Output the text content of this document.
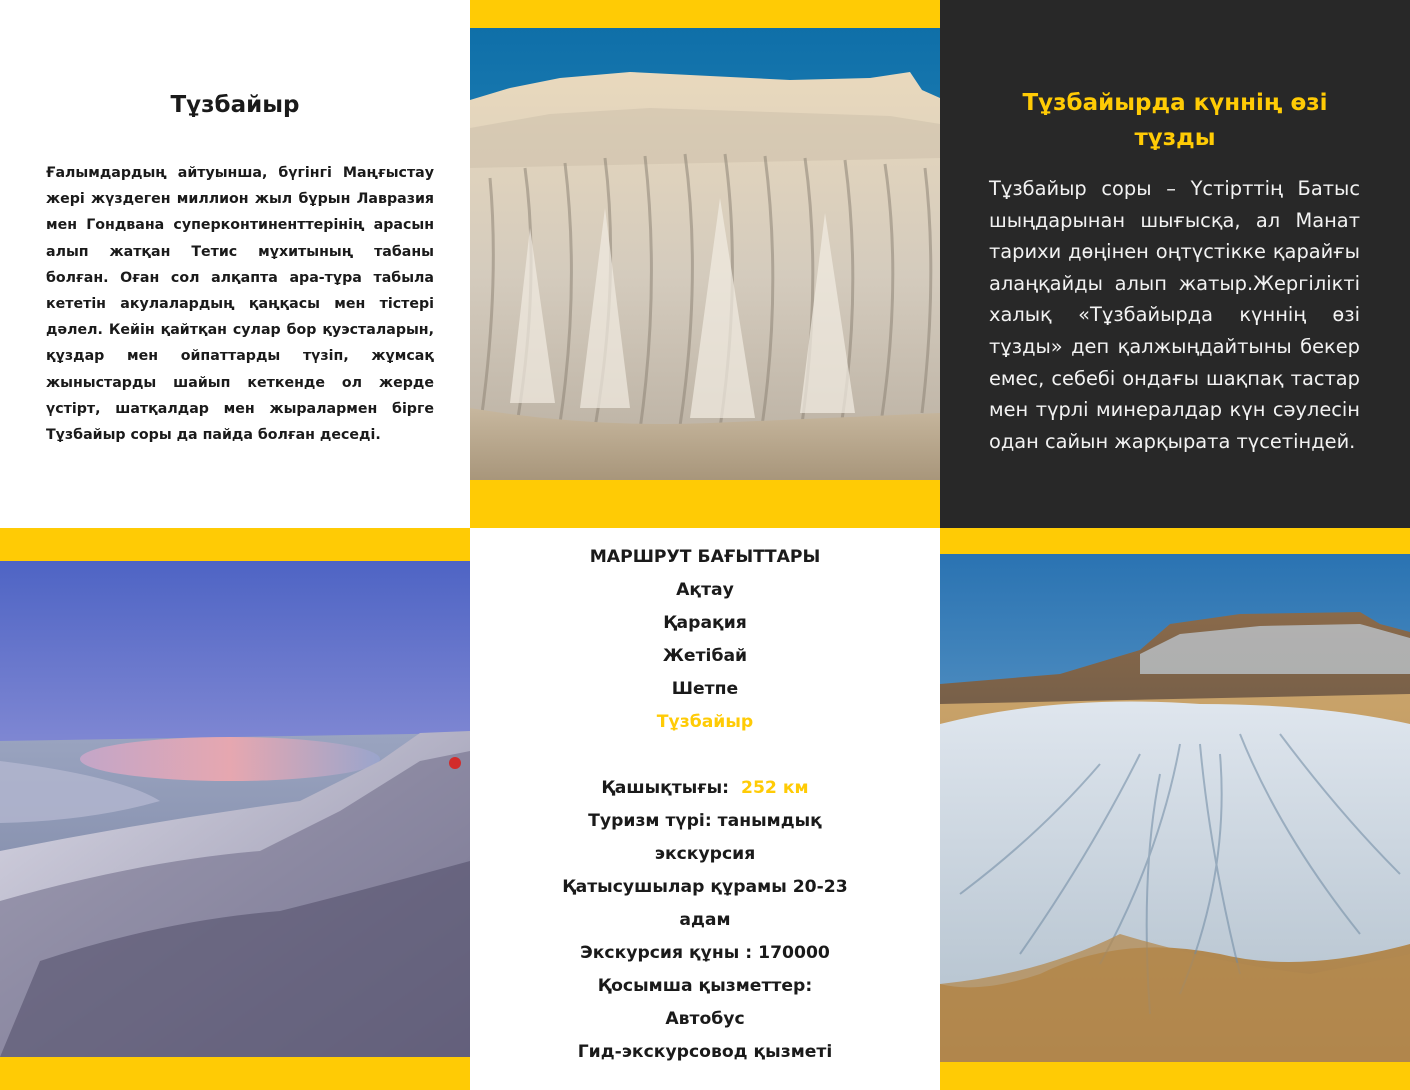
Тұзбайыр
Ғалымдардың айтуынша, бүгінгі Маңғыстау жері жүздеген миллион жыл бұрын Лавразия мен Гондвана суперконтиненттерінің арасын алып жатқан Тетис мұхитының табаны болған. Оған сол алқапта ара-тұра табыла кететін акулалардың қаңқасы мен тістері дәлел. Кейін қайтқан сулар бор қуэсталарын, құздар мен ойпаттарды түзіп, жұмсақ жыныстарды шайып кеткенде ол жерде үстірт, шатқалдар мен жыралармен бірге Тұзбайыр соры да пайда болған деседі.
Тұзбайырда күннің өзі тұзды
Тұзбайыр соры – Үстірттің Батыс шыңдарынан шығысқа, ал Манат тарихи дөңінен оңтүстікке қарайғы алаңқайды алып жатыр.Жергілікті халық «Тұзбайырда күннің өзі тұзды» деп қалжыңдайтыны бекер емес, себебі ондағы шақпақ тастар мен түрлі минералдар күн сәулесін одан сайын жарқырата түсетіндей.
МАРШРУТ БАҒЫТТАРЫ
Ақтау
Қарақия
Жетібай
Шетпе
Тұзбайыр
Қашықтығы: 252 км
Туризм түрі: танымдық
экскурсия
Қатысушылар құрамы 20-23
адам
Экскурсия құны : 170000
Қосымша қызметтер:
Автобус
Гид-экскурсовод қызметі
